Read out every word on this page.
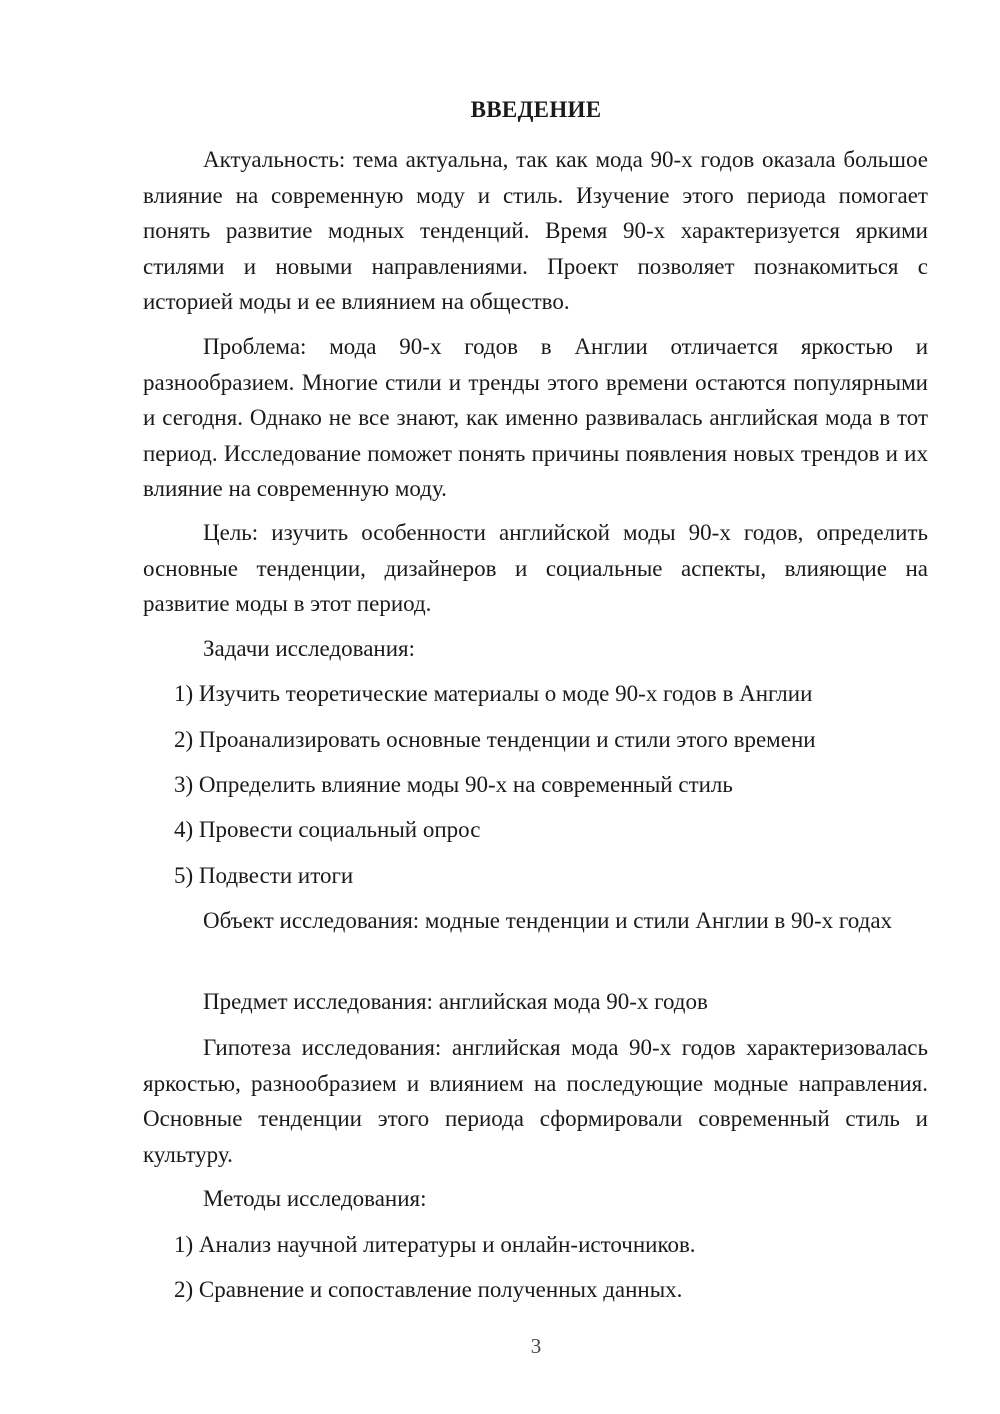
ВВЕДЕНИЕ

Актуальность: тема актуальна, так как мода 90-х годов оказала большое влияние на современную моду и стиль. Изучение этого периода помогает понять развитие модных тенденций. Время 90-х характеризуется яркими стилями и новыми направлениями. Проект позволяет познакомиться с историей моды и ее влиянием на общество.

Проблема: мода 90-х годов в Англии отличается яркостью и разнообразием. Многие стили и тренды этого времени остаются популярными и сегодня. Однако не все знают, как именно развивалась английская мода в тот период. Исследование поможет понять причины появления новых трендов и их влияние на современную моду.

Цель: изучить особенности английской моды 90-х годов, определить основные тенденции, дизайнеров и социальные аспекты, влияющие на развитие моды в этот период.

Задачи исследования:

1) Изучить теоретические материалы о моде 90-х годов в Англии

2) Проанализировать основные тенденции и стили этого времени

3) Определить влияние моды 90-х на современный стиль

4) Провести социальный опрос

5) Подвести итоги

Объект исследования: модные тенденции и стили Англии в 90-х годах

Предмет исследования: английская мода 90-х годов

Гипотеза исследования: английская мода 90-х годов характеризовалась яркостью, разнообразием и влиянием на последующие модные направления. Основные тенденции этого периода сформировали современный стиль и культуру.

Методы исследования:

1) Анализ научной литературы и онлайн-источников.

2) Сравнение и сопоставление полученных данных.

3
